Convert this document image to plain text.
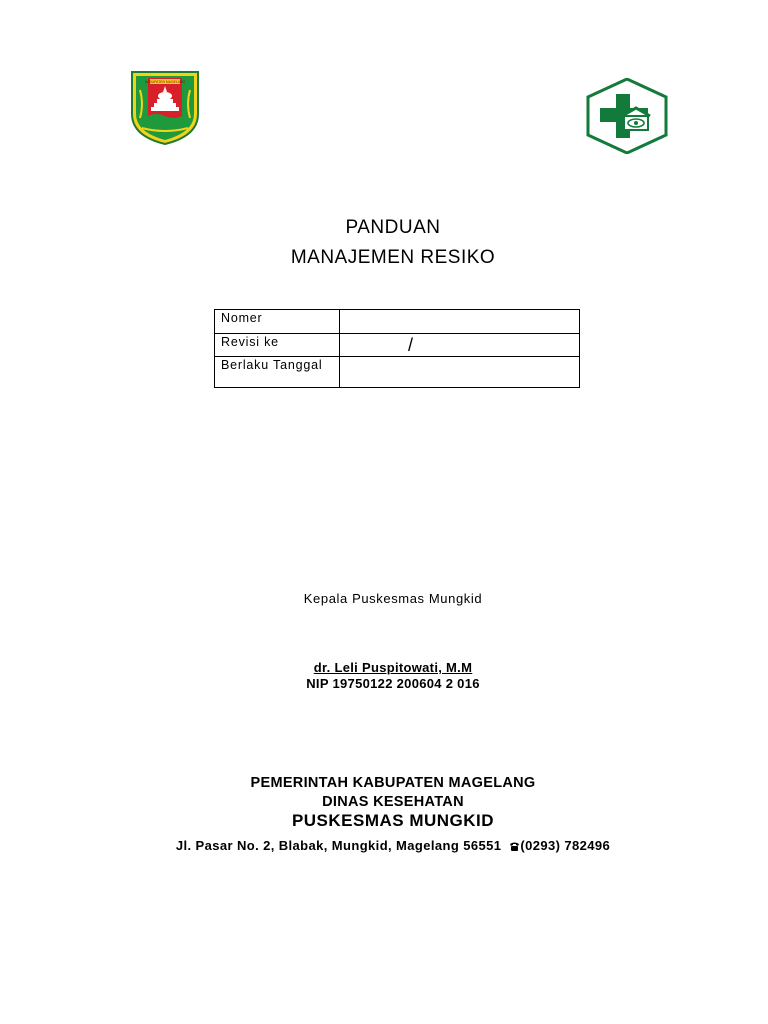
KABUPATEN MAGELANG
PANDUAN
MANAJEMEN RESIKO
Nomer	
Revisi ke	/
Berlaku Tanggal	
Kepala Puskesmas Mungkid
dr. Leli Puspitowati, M.M
NIP 19750122 200604 2 016
PEMERINTAH KABUPATEN MAGELANG
DINAS KESEHATAN
PUSKESMAS MUNGKID
Jl. Pasar No. 2, Blabak, Mungkid, Magelang 56551 (0293) 782496
